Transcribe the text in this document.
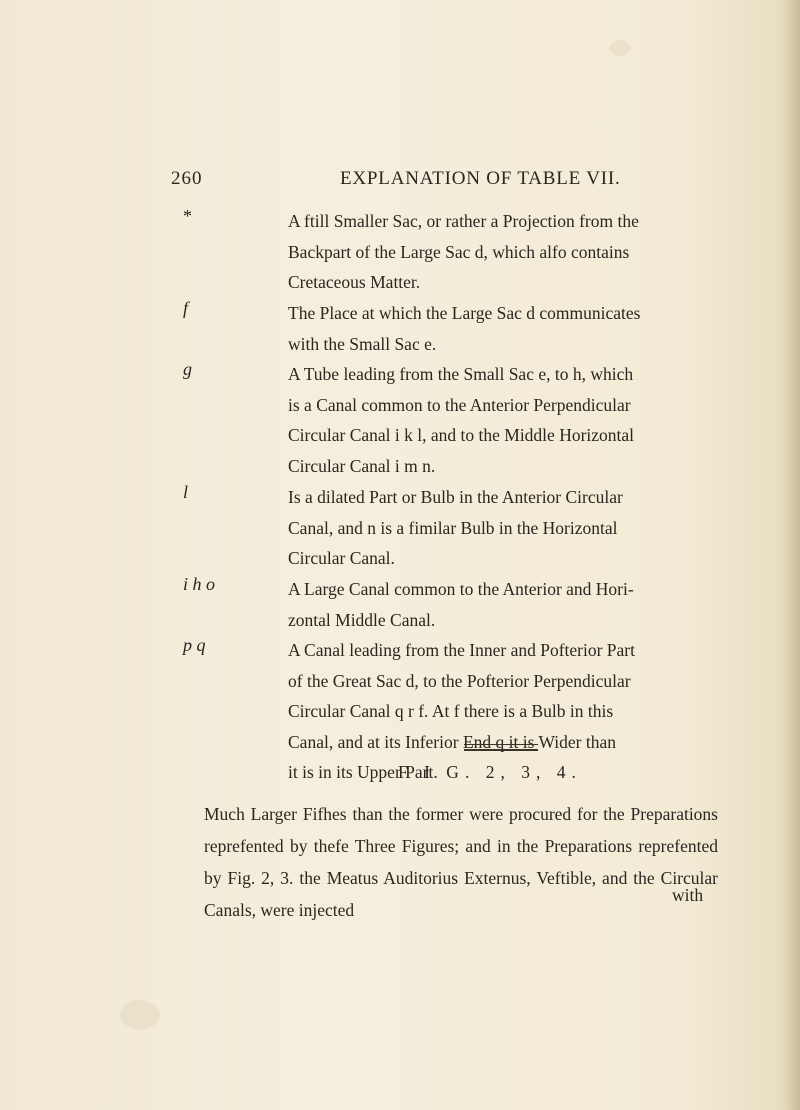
260	EXPLANATION OF TABLE VII.
*	A ftill Smaller Sac, or rather a Projection from the
Backpart of the Large Sac d, which alfo contains
Cretaceous Matter.
f	The Place at which the Large Sac d communicates
with the Small Sac e.
g	A Tube leading from the Small Sac e, to h, which
is a Canal common to the Anterior Perpendicular
Circular Canal i k l, and to the Middle Horizontal
Circular Canal i m n.
l	Is a dilated Part or Bulb in the Anterior Circular
Canal, and n is a fimilar Bulb in the Horizontal
Circular Canal.
i h o	A Large Canal common to the Anterior and Hori-
zontal Middle Canal.
p q	A Canal leading from the Inner and Pofterior Part
of the Great Sac d, to the Pofterior Perpendicular
Circular Canal q r f. At f there is a Bulb in this
Canal, and at its Inferior End q it is Wider than
it is in its Upper Part.
F I G. 2, 3, 4.
Much Larger Fifhes than the former were procured for the Preparations reprefented by thefe Three Figures; and in the Preparations reprefented by Fig. 2, 3. the Meatus Auditorius Externus, Veftible, and the Circular Canals, were injected
with
